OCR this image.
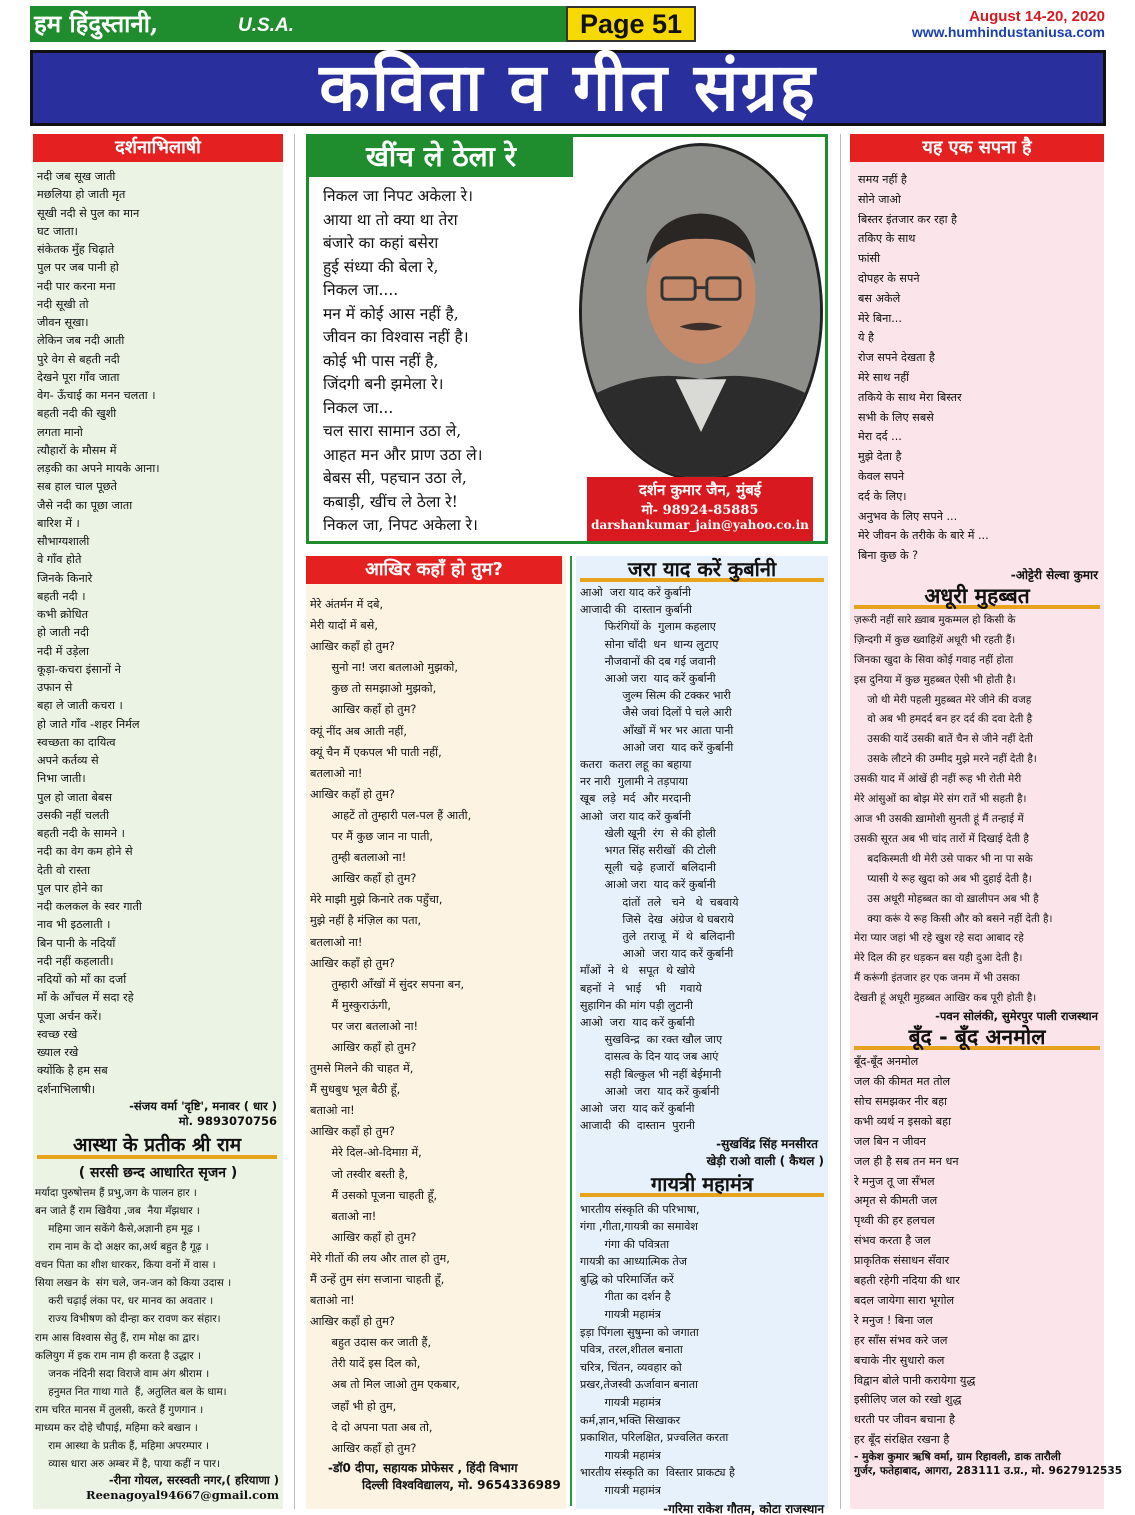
हम हिंदुस्तानी,	U.S.A.	Page 51	August 14-20, 2020
www.humhindustaniusa.com
कविता व गीत संग्रह
दर्शनाभिलाषी
नदी जब सूख जाती
मछलिया हो जाती मृत
सूखी नदी से पुल का मान
घट जाता।
संकेतक मुँह चिढ़ाते
पुल पर जब पानी हो
नदी पार करना मना
नदी सूखी तो
जीवन सूखा।
लेकिन जब नदी आती
पुरे वेग से बहती नदी
देखने पूरा गाँव जाता
वेग- ऊँचाई का मनन चलता ।
बहती नदी की खुशी
लगता मानो
त्यौहारों के मौसम में
लड़की का अपने मायके आना।
सब हाल चाल पूछते
जैसे नदी का पूछा जाता
बारिश में ।
सौभाग्यशाली
वे गाँव होते
जिनके किनारे
बहती नदी ।
कभी क्रोधित
हो जाती नदी
नदी में उड़ेला
कूड़ा-कचरा इंसानों ने
उफान से
बहा ले जाती कचरा ।
हो जाते गाँव -शहर निर्मल
स्वच्छता का दायित्व
अपने कर्तव्य से
निभा जाती।
पुल हो जाता बेबस
उसकी नहीं चलती
बहती नदी के सामने ।
नदी का वेग कम होने से
देती वो रास्ता
पुल पार होने का
नदी कलकल के स्वर गाती
नाव भी इठलाती ।
बिन पानी के नदियाँ
नदी नहीं कहलाती।
नदियों को माँ का दर्जा
माँ के आँचल में सदा रहे
पूजा अर्चन करें।
स्वच्छ रखे
ख्याल रखे
क्योंकि है हम सब
दर्शनाभिलाषी।
-संजय वर्मा 'दृष्टि', मनावर ( धार )
मो. 9893070756
आस्था के प्रतीक श्री राम
( सरसी छन्द आधारित सृजन )
मर्यादा पुरुषोत्तम हैं प्रभु,जग के पालन हार ।
बन जाते हैं राम खिवैया ,जब  नैया मँझधार ।
महिमा जान सकेंगे कैसे,अज्ञानी हम मूढ़ ।
राम नाम के दो अक्षर का,अर्थ बहुत है गूढ़ ।
वचन पिता का शीश धारकर, किया वनों में वास ।
सिया लखन के  संग चले, जन-जन को किया उदास ।
करी चढ़ाई लंका पर, धर मानव का अवतार ।
राज्य विभीषण को दीन्हा कर रावण कर संहार।
राम आस विश्वास सेतु हैं, राम मोक्ष का द्वार।
कलियुग में इक राम नाम ही करता है उद्धार ।
जनक नंदिनी सदा विराजे वाम अंग श्रीराम ।
हनुमत नित गाथा गाते  हैं, अतुलित बल के धाम।
राम चरित मानस में तुलसी, करते हैं गुणगान ।
माध्यम कर दोहे चौपाई, महिमा करे बखान ।
राम आस्था के प्रतीक हैं, महिमा अपरम्पार ।
व्यास धारा अरु अम्बर में है, पाया कहीं न पार।
-रीना गोयल, सरस्वती नगर,( हरियाणा )
Reenagoyal94667@gmail.com
खींच ले ठेला रे
निकल जा निपट अकेला रे।
आया था तो क्या था तेरा
बंजारे का कहां बसेरा
हुई संध्या की बेला रे,
निकल जा....
मन में कोई आस नहीं है,
जीवन का विश्वास नहीं है।
कोई भी पास नहीं है,
जिंदगी बनी झमेला रे।
निकल जा...
चल सारा सामान उठा ले,
आहत मन और प्राण उठा ले।
बेबस सी, पहचान उठा ले,
कबाड़ी, खींच ले ठेला रे!
निकल जा, निपट अकेला रे।
दर्शन कुमार जैन, मुंबई
मो- 98924-85885
darshankumar_jain@yahoo.co.in
आखिर कहाँ हो तुम?
मेरे अंतर्मन में दबे,
मेरी यादों में बसे,
आखिर कहाँ हो तुम?
सुनो ना! जरा बतलाओ मुझको,
कुछ तो समझाओ मुझको,
आखिर कहाँ हो तुम?
क्यूं नींद अब आती नहीं,
क्यूं चैन मैं एकपल भी पाती नहीं,
बतलाओ ना!
आखिर कहाँ हो तुम?
आहटें तो तुम्हारी पल-पल हैं आती,
पर मैं कुछ जान ना पाती,
तुम्ही बतलाओ ना!
आखिर कहाँ हो तुम?
मेरे माझी मुझे किनारे तक पहुँचा,
मुझे नहीं है मंज़िल का पता,
बतलाओ ना!
आखिर कहाँ हो तुम?
तुम्हारी आँखों में सुंदर सपना बन,
मैं मुस्कुराऊंगी,
पर जरा बतलाओ ना!
आखिर कहाँ हो तुम?
तुमसे मिलने की चाहत में,
मैं सुधबुध भूल बैठी हूँ,
बताओ ना!
आखिर कहाँ हो तुम?
मेरे दिल-ओ-दिमाग़ में,
जो तस्वीर बस्ती है,
मैं उसको पूजना चाहती हूँ,
बताओ ना!
आखिर कहाँ हो तुम?
मेरे गीतों की लय और ताल हो तुम,
मैं उन्हें तुम संग सजाना चाहती हूँ,
बताओ ना!
आखिर कहाँ हो तुम?
बहुत उदास कर जाती हैं,
तेरी यादें इस दिल को,
अब तो मिल जाओ तुम एकबार,
जहाँ भी हो तुम,
दे दो अपना पता अब तो,
आखिर कहाँ हो तुम?
-डॉ0 दीपा, सहायक प्रोफेसर , हिंदी विभाग
दिल्ली विश्वविद्यालय, मो. 9654336989
जरा याद करें कुर्बानी
आओ  जरा याद करें कुर्बानी
आजादी की  दास्तान कुर्बानी
फिरंगियों के  गुलाम कहलाए
सोना चाँदी  धन  धान्य लुटाए
नौजवानों की दब गई जवानी
आओ जरा  याद करें कुर्बानी
जुल्म सित्म की टक्कर भारी
जैसे जवां दिलों पे चले आरी
आँखों में भर भर आता पानी
आओ जरा  याद करें कुर्बानी
कतरा  कतरा लहू का बहाया
नर नारी  गुलामी ने तड़पाया
खूब  लड़े  मर्द  और मरदानी
आओ  जरा याद करें कुर्बानी
खेली खूनी  रंग  से की होली
भगत सिंह सरीखों  की टोली
सूली  चढ़े  हजारों  बलिदानी
आओ जरा  याद करें कुर्बानी
दांतों  तले   चने   थे  चबवाये
जिसे  देख  अंग्रेज थे घबराये
तुले  तराजू  में  थे  बलिदानी
आओ  जरा याद करें कुर्बानी
माँओं  ने  थे   सपूत  थे खोये
बहनों  ने   भाई    भी    गवाये
सुहागिन की मांग पड़ी लुटानी
आओ  जरा  याद करें कुर्बानी
सुखविन्द्र  का रक्त खौल जाए
दासत्व के दिन याद जब आएं
सही बिल्कुल भी नहीं बेईमानी
आओ  जरा  याद करें कुर्बानी
आओ  जरा  याद करें कुर्बानी
आजादी  की  दास्तान  पुरानी
-सुखविंद्र सिंह मनसीरत
खेड़ी राओ वाली ( कैथल )
गायत्री महामंत्र
भारतीय संस्कृति की परिभाषा,
गंगा ,गीता,गायत्री का समावेश
गंगा की पवित्रता
गायत्री का आध्यात्मिक तेज
बुद्धि को परिमार्जित करें
गीता का दर्शन है
गायत्री महामंत्र
इड़ा पिंगला सुषुम्ना को जगाता
पवित्र, तरल,शीतल बनाता
चरित्र, चिंतन, व्यवहार को
प्रखर,तेजस्वी ऊर्जावान बनाता
गायत्री महामंत्र
कर्म,ज्ञान,भक्ति सिखाकर
प्रकाशित, परिलक्षित, प्रज्वलित करता
गायत्री महामंत्र
भारतीय संस्कृति का  विस्तार प्राकट्य है
गायत्री महामंत्र
-गरिमा राकेश गौतम, कोटा राजस्थान
यह एक सपना है
समय नहीं है
सोने जाओ
बिस्तर इंतजार कर रहा है
तकिए के साथ
फांसी
दोपहर के सपने
बस अकेले
मेरे बिना...
ये है
रोज सपने देखता है
मेरे साथ नहीं
तकिये के साथ मेरा बिस्तर
सभी के लिए सबसे
मेरा दर्द ...
मुझे देता है
केवल सपने
दर्द के लिए।
अनुभव के लिए सपने ...
मेरे जीवन के तरीके के बारे में ...
बिना कुछ के ?
-ओट्टेरी सेल्वा कुमार
अधूरी मुहब्बत
ज़रूरी नहीं सारे ख़्वाब मुकम्मल हो किसी के
ज़िन्दगी में कुछ ख्वाहिशें अधूरी भी रहती हैं।
जिनका खुदा के सिवा कोई गवाह नहीं होता
इस दुनिया में कुछ मुहब्बत ऐसी भी होती है।
जो थी मेरी पहली मुहब्बत मेरे जीने की वजह
वो अब भी हमदर्द बन हर दर्द की दवा देती है
उसकी यादें उसकी बातें चैन से जीने नहीं देती
उसके लौटने की उम्मीद मुझे मरने नहीं देती है।
उसकी याद में आंखें ही नहीं रूह भी रोती मेरी
मेरे आंसुओं का बोझ मेरे संग रातें भी सहती है।
आज भी उसकी ख़ामोशी सुनती हूं मैं तन्हाई में
उसकी सूरत अब भी चांद तारों में दिखाई देती है
बदकिस्मती थी मेरी उसे पाकर भी ना पा सके
प्यासी ये रूह खुदा को अब भी दुहाई देती है।
उस अधूरी मोहब्बत का वो ख़ालीपन अब भी है
क्या करूं ये रूह किसी और को बसने नहीं देती है।
मेरा प्यार जहां भी रहे खुश रहे सदा आबाद रहे
मेरे दिल की हर धड़कन बस यही दुआ देती है।
मैं करूंगी इंतजार हर एक जनम में भी उसका
देखती हूं अधूरी मुहब्बत आखिर कब पूरी होती है।
-पवन सोलंकी, सुमेरपुर पाली राजस्थान
बूँद - बूँद अनमोल
बूँद-बूँद अनमोल
जल की कीमत मत तोल
सोच समझकर नीर बहा
कभी व्यर्थ न इसको बहा
जल बिन न जीवन
जल ही है सब तन मन धन
रे मनुज तू जा सँभल
अमृत से कीमती जल
पृथ्वी की हर हलचल
संभव करता है जल
प्राकृतिक संसाधन सँवार
बहती रहेगी नदिया की धार
बदल जायेगा सारा भूगोल
रे मनुज ! बिना जल
हर साँस संभव करे जल
बचाके नीर सुधारो कल
विद्वान बोले पानी करायेगा युद्ध
इसीलिए जल को रखो शुद्ध
धरती पर जीवन बचाना है
हर बूँद संरक्षित रखना है
- मुकेश कुमार ऋषि वर्मा, ग्राम रिहावली, डाक तारौली
गुर्जर, फतेहाबाद, आगरा, 283111 उ.प्र., मो. 9627912535
